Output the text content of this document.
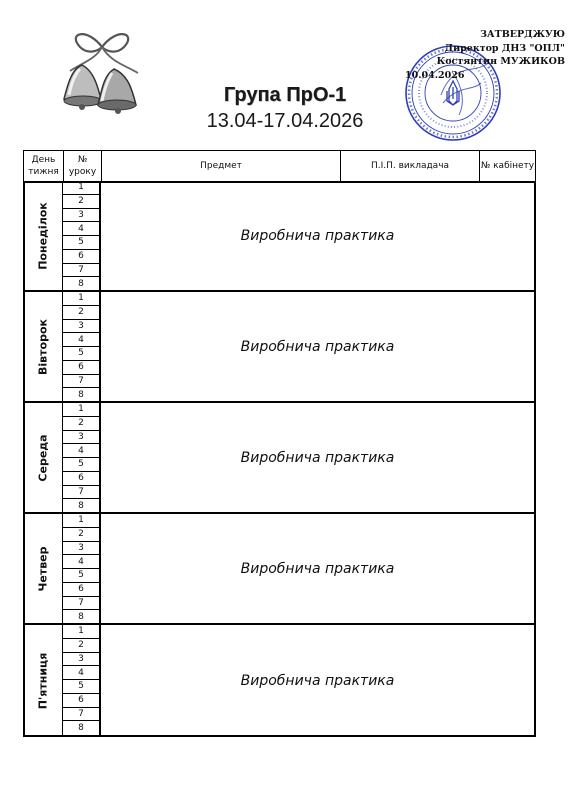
ЗАТВЕРДЖУЮ
Директор ДНЗ "ОПЛ"
Костянтин МУЖИКОВ
10.04.2026
Група ПрО-1
13.04-17.04.2026
День тижня
№ уроку
Предмет	П.І.П. викладача	№ кабінету
Понеділок
1
2
3
4
5
6
7
8
Виробнича практика
Вівторок
1
2
3
4
5
6
7
8
Виробнича практика
Середа
1
2
3
4
5
6
7
8
Виробнича практика
Четвер
1
2
3
4
5
6
7
8
Виробнича практика
П'ятниця
1
2
3
4
5
6
7
8
Виробнича практика
